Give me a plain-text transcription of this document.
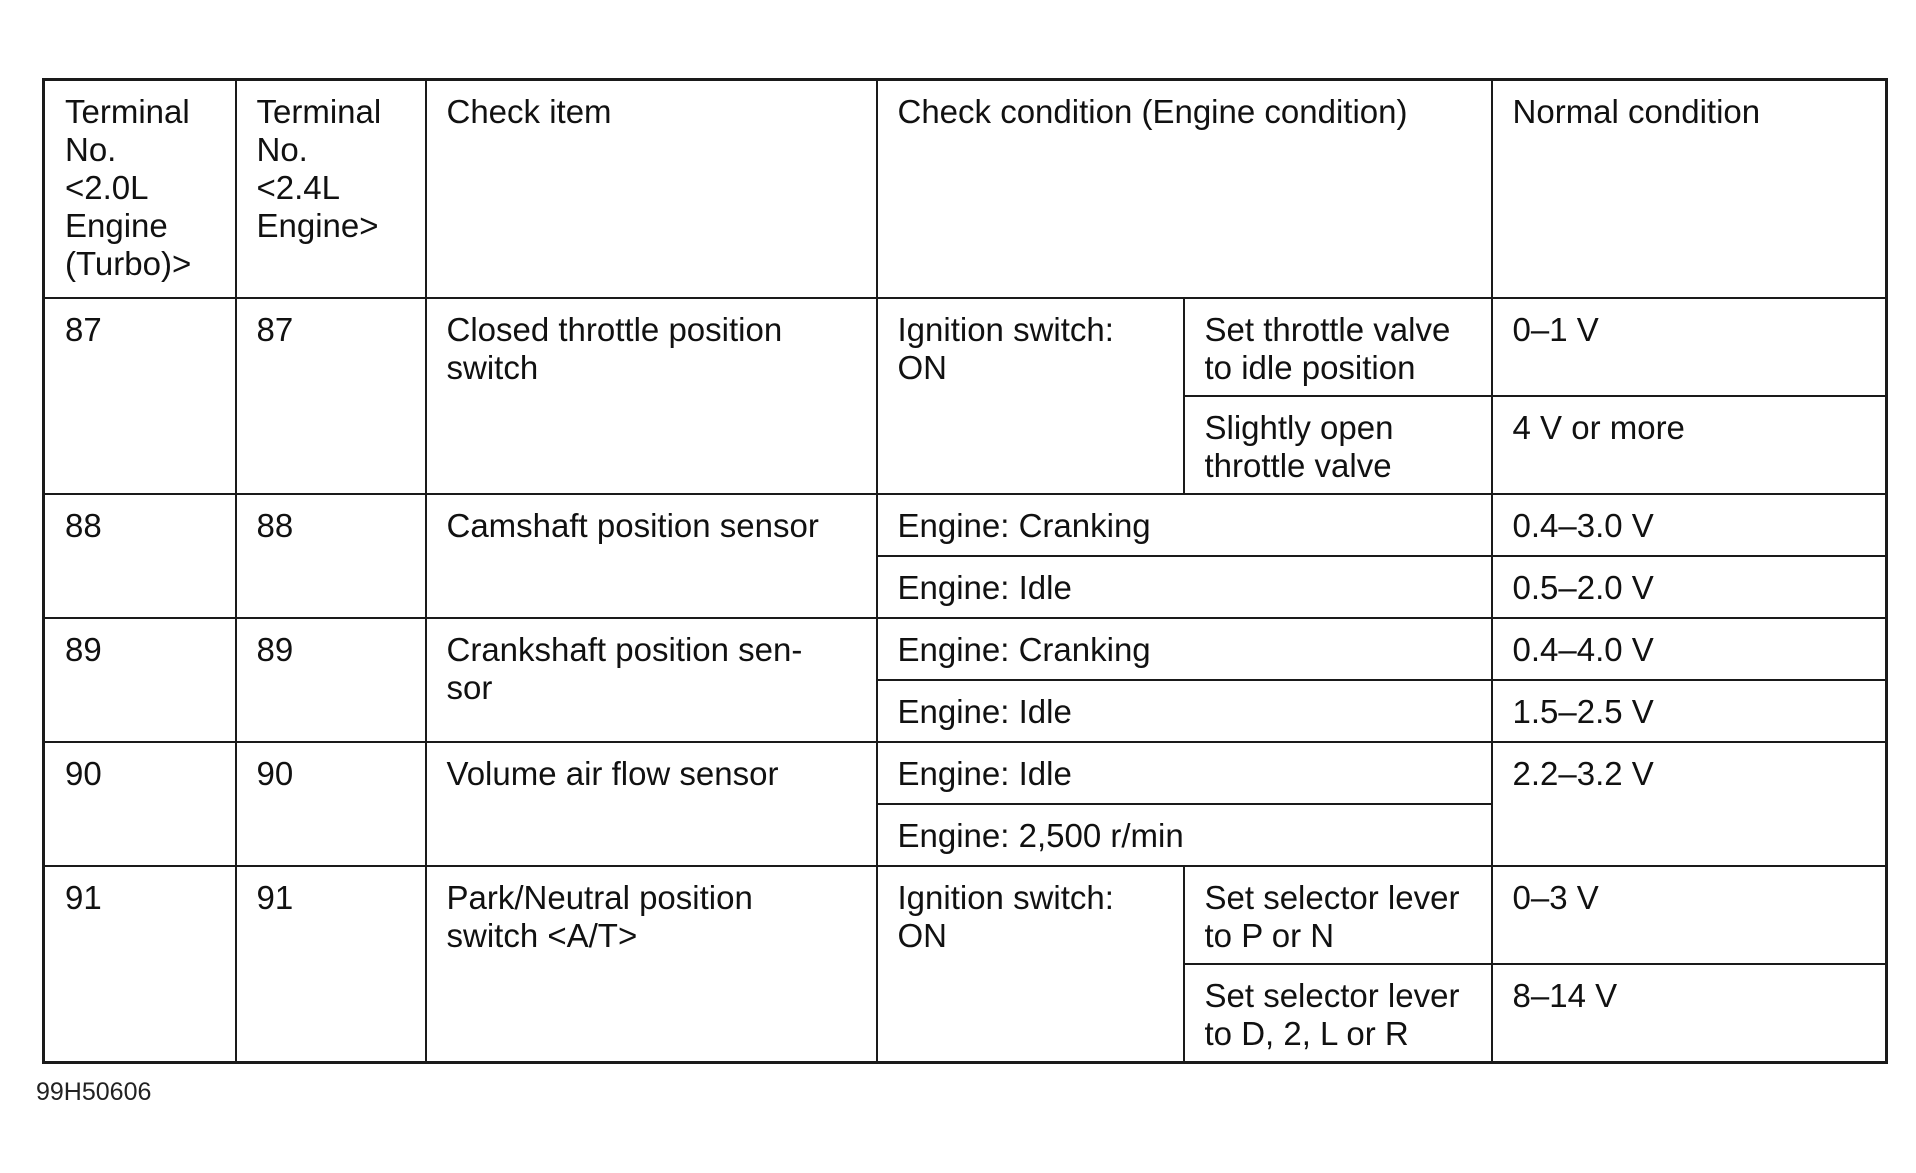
Terminal
No.
<2.0L
Engine
(Turbo)>	Terminal
No.
<2.4L
Engine>	Check item	Check condition (Engine condition)		Normal condition
87	87	Closed throttle position
switch	Ignition switch:
ON	Set throttle valve
to idle position	0–1 V
				Slightly open
throttle valve	4 V or more
88	88	Camshaft position sensor	Engine: Cranking		0.4–3.0 V
			Engine: Idle		0.5–2.0 V
89	89	Crankshaft position sen-
sor	Engine: Cranking		0.4–4.0 V
			Engine: Idle		1.5–2.5 V
90	90	Volume air flow sensor	Engine: Idle		2.2–3.2 V
			Engine: 2,500 r/min		
91	91	Park/Neutral position
switch <A/T>	Ignition switch:
ON	Set selector lever
to P or N	0–3 V
				Set selector lever
to D, 2, L or R	8–14 V
99H50606
